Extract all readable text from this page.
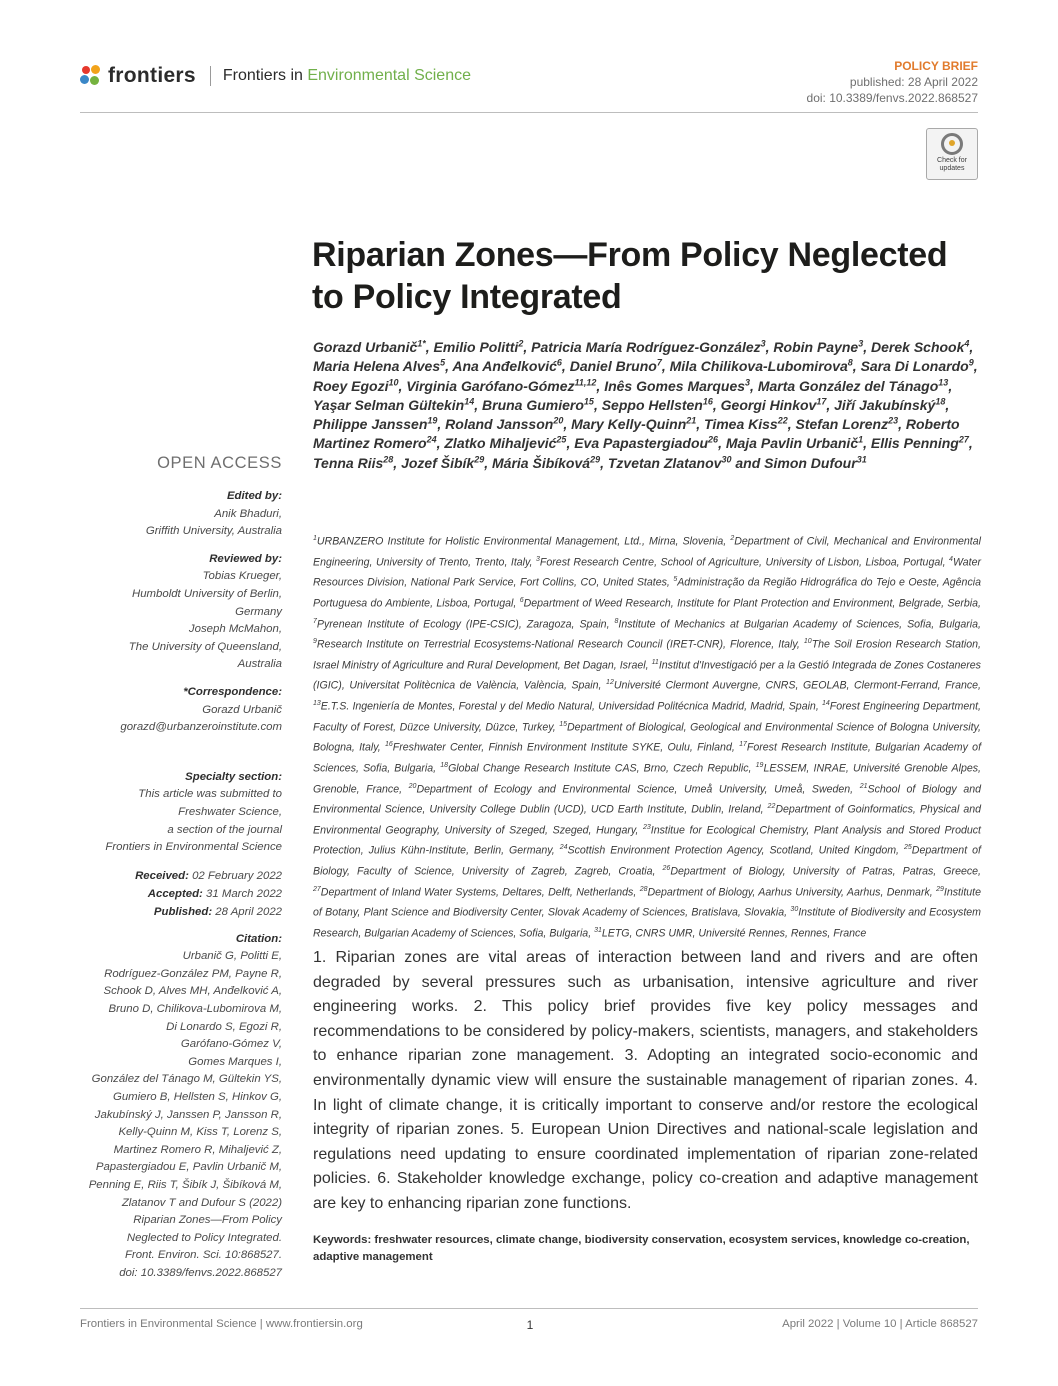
frontiers Frontiers in Environmental Science
POLICY BRIEF
published: 28 April 2022
doi: 10.3389/fenvs.2022.868527
Check for updates
Riparian Zones—From Policy Neglected to Policy Integrated
Gorazd Urbanič$^{1*}$, Emilio Politti$^2$, Patricia María Rodríguez-González$^3$, Robin Payne$^3$, Derek Schook$^4$, Maria Helena Alves$^5$, Ana Anđelković$^6$, Daniel Bruno$^7$, Mila Chilikova-Lubomirova$^8$, Sara Di Lonardo$^9$, Roey Egozi$^{10}$, Virginia Garófano-Gómez$^{11,12}$, Inês Gomes Marques$^3$, Marta González del Tánago$^{13}$, Yaşar Selman Gültekin$^{14}$, Bruna Gumiero$^{15}$, Seppo Hellsten$^{16}$, Georgi Hinkov$^{17}$, Jiří Jakubínský$^{18}$, Philippe Janssen$^{19}$, Roland Jansson$^{20}$, Mary Kelly-Quinn$^{21}$, Timea Kiss$^{22}$, Stefan Lorenz$^{23}$, Roberto Martinez Romero$^{24}$, Zlatko Mihaljević$^{25}$, Eva Papastergiadou$^{26}$, Maja Pavlin Urbanič$^1$, Ellis Penning$^{27}$, Tenna Riis$^{28}$, Jozef Šibík$^{29}$, Mária Šibíková$^{29}$, Tzvetan Zlatanov$^{30}$ and Simon Dufour$^{31}$
$^1$URBANZERO Institute for Holistic Environmental Management, Ltd., Mirna, Slovenia, $^2$Department of Civil, Mechanical and Environmental Engineering, University of Trento, Trento, Italy, $^3$Forest Research Centre, School of Agriculture, University of Lisbon, Lisboa, Portugal, $^4$Water Resources Division, National Park Service, Fort Collins, CO, United States, $^5$Administração da Região Hidrográfica do Tejo e Oeste, Agência Portuguesa do Ambiente, Lisboa, Portugal, $^6$Department of Weed Research, Institute for Plant Protection and Environment, Belgrade, Serbia, $^7$Pyrenean Institute of Ecology (IPE-CSIC), Zaragoza, Spain, $^8$Institute of Mechanics at Bulgarian Academy of Sciences, Sofia, Bulgaria, $^9$Research Institute on Terrestrial Ecosystems-National Research Council (IRET-CNR), Florence, Italy, $^{10}$The Soil Erosion Research Station, Israel Ministry of Agriculture and Rural Development, Bet Dagan, Israel, $^{11}$Institut d'Investigació per a la Gestió Integrada de Zones Costaneres (IGIC), Universitat Politècnica de València, València, Spain, $^{12}$Université Clermont Auvergne, CNRS, GEOLAB, Clermont-Ferrand, France, $^{13}$E.T.S. Ingeniería de Montes, Forestal y del Medio Natural, Universidad Politécnica Madrid, Madrid, Spain, $^{14}$Forest Engineering Department, Faculty of Forest, Düzce University, Düzce, Turkey, $^{15}$Department of Biological, Geological and Environmental Science of Bologna University, Bologna, Italy, $^{16}$Freshwater Center, Finnish Environment Institute SYKE, Oulu, Finland, $^{17}$Forest Research Institute, Bulgarian Academy of Sciences, Sofia, Bulgaria, $^{18}$Global Change Research Institute CAS, Brno, Czech Republic, $^{19}$LESSEM, INRAE, Université Grenoble Alpes, Grenoble, France, $^{20}$Department of Ecology and Environmental Science, Umeå University, Umeå, Sweden, $^{21}$School of Biology and Environmental Science, University College Dublin (UCD), UCD Earth Institute, Dublin, Ireland, $^{22}$Department of Goinformatics, Physical and Environmental Geography, University of Szeged, Szeged, Hungary, $^{23}$Institue for Ecological Chemistry, Plant Analysis and Stored Product Protection, Julius Kühn-Institute, Berlin, Germany, $^{24}$Scottish Environment Protection Agency, Scotland, United Kingdom, $^{25}$Department of Biology, Faculty of Science, University of Zagreb, Zagreb, Croatia, $^{26}$Department of Biology, University of Patras, Patras, Greece, $^{27}$Department of Inland Water Systems, Deltares, Delft, Netherlands, $^{28}$Department of Biology, Aarhus University, Aarhus, Denmark, $^{29}$Institute of Botany, Plant Science and Biodiversity Center, Slovak Academy of Sciences, Bratislava, Slovakia, $^{30}$Institute of Biodiversity and Ecosystem Research, Bulgarian Academy of Sciences, Sofia, Bulgaria, $^{31}$LETG, CNRS UMR, Université Rennes, Rennes, France
1. Riparian zones are vital areas of interaction between land and rivers and are often degraded by several pressures such as urbanisation, intensive agriculture and river engineering works. 2. This policy brief provides five key policy messages and recommendations to be considered by policy-makers, scientists, managers, and stakeholders to enhance riparian zone management. 3. Adopting an integrated socio-economic and environmentally dynamic view will ensure the sustainable management of riparian zones. 4. In light of climate change, it is critically important to conserve and/or restore the ecological integrity of riparian zones. 5. European Union Directives and national-scale legislation and regulations need updating to ensure coordinated implementation of riparian zone-related policies. 6. Stakeholder knowledge exchange, policy co-creation and adaptive management are key to enhancing riparian zone functions.
Keywords: freshwater resources, climate change, biodiversity conservation, ecosystem services, knowledge co-creation, adaptive management
OPEN ACCESS
Edited by:
Anik Bhaduri,
Griffith University, Australia
Reviewed by:
Tobias Krueger,
Humboldt University of Berlin,
Germany
Joseph McMahon,
The University of Queensland,
Australia
*Correspondence:
Gorazd Urbanič
gorazd@urbanzeroinstitute.com
Specialty section:
This article was submitted to
Freshwater Science,
a section of the journal
Frontiers in Environmental Science
Received: 02 February 2022
Accepted: 31 March 2022
Published: 28 April 2022
Citation:
Urbanič G, Politti E,
Rodríguez-González PM, Payne R,
Schook D, Alves MH, Anđelković A,
Bruno D, Chilikova-Lubomirova M,
Di Lonardo S, Egozi R,
Garófano-Gómez V,
Gomes Marques I,
González del Tánago M, Gültekin YS,
Gumiero B, Hellsten S, Hinkov G,
Jakubínský J, Janssen P, Jansson R,
Kelly-Quinn M, Kiss T, Lorenz S,
Martinez Romero R, Mihaljević Z,
Papastergiadou E, Pavlin Urbanič M,
Penning E, Riis T, Šibík J, Šibíková M,
Zlatanov T and Dufour S (2022)
Riparian Zones—From Policy
Neglected to Policy Integrated.
Front. Environ. Sci. 10:868527.
doi: 10.3389/fenvs.2022.868527
Frontiers in Environmental Science | www.frontiersin.org	1	April 2022 | Volume 10 | Article 868527
